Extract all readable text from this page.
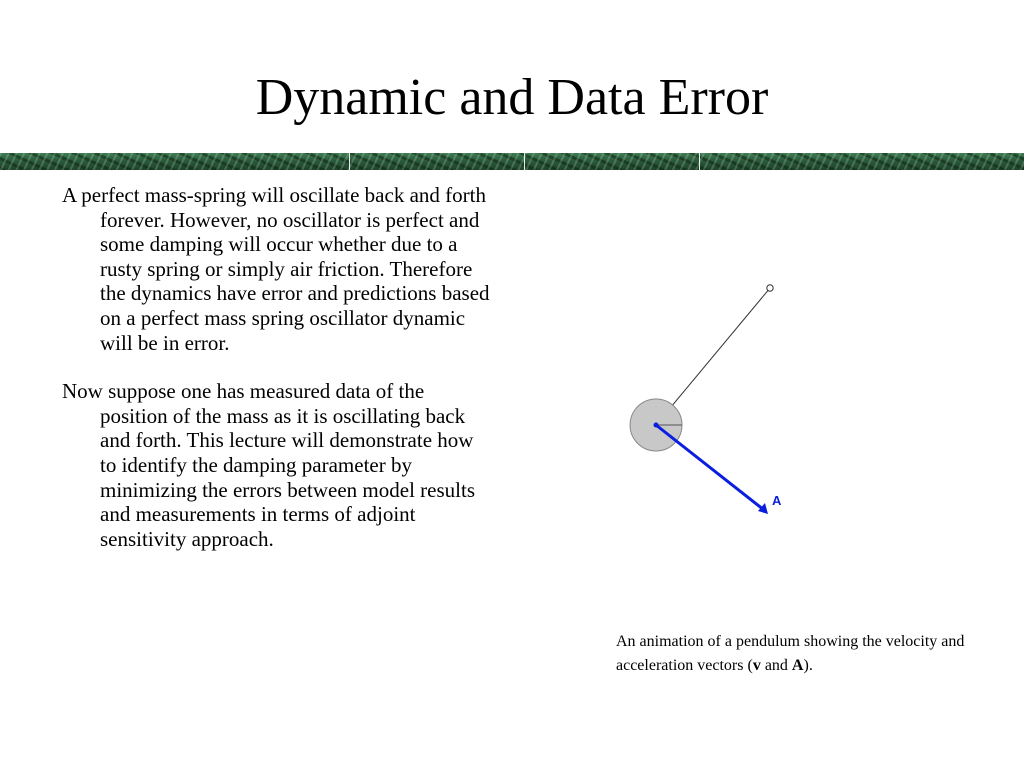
Dynamic and Data Error

A perfect mass-spring will oscillate back and forth forever. However, no oscillator is perfect and some damping will occur whether due to a rusty spring or simply air friction. Therefore the dynamics have error and predictions based on a perfect mass spring oscillator dynamic will be in error.

Now suppose one has measured data of the position of the mass as it is oscillating back and forth. This lecture will demonstrate how to identify the damping parameter by minimizing the errors between model results and measurements in terms of adjoint sensitivity approach.

A
An animation of a pendulum showing the velocity and acceleration vectors (v and A).
